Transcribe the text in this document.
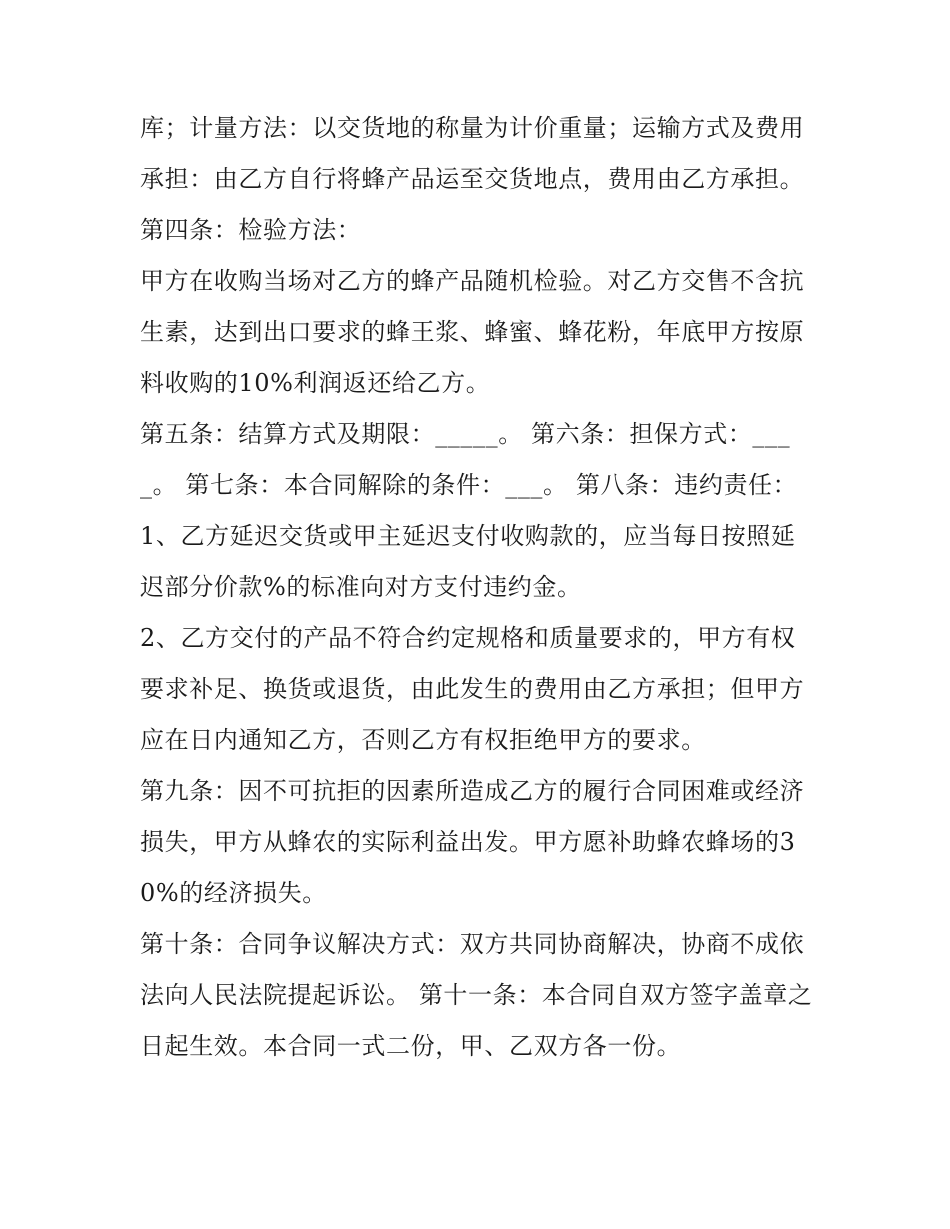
库；计量方法：以交货地的称量为计价重量；运输方式及费用承担：由乙方自行将蜂产品运至交货地点，费用由乙方承担。

第四条：检验方法：

甲方在收购当场对乙方的蜂产品随机检验。对乙方交售不含抗生素，达到出口要求的蜂王浆、蜂蜜、蜂花粉，年底甲方按原料收购的10%利润返还给乙方。

第五条：结算方式及期限：_____。 第六条：担保方式：____。 第七条：本合同解除的条件：___。 第八条：违约责任：

1、乙方延迟交货或甲主延迟支付收购款的，应当每日按照延迟部分价款%的标准向对方支付违约金。

2、乙方交付的产品不符合约定规格和质量要求的，甲方有权要求补足、换货或退货，由此发生的费用由乙方承担；但甲方应在日内通知乙方，否则乙方有权拒绝甲方的要求。

第九条：因不可抗拒的因素所造成乙方的履行合同困难或经济损失，甲方从蜂农的实际利益出发。甲方愿补助蜂农蜂场的30%的经济损失。

第十条：合同争议解决方式：双方共同协商解决，协商不成依法向人民法院提起诉讼。 第十一条：本合同自双方签字盖章之日起生效。本合同一式二份，甲、乙双方各一份。
